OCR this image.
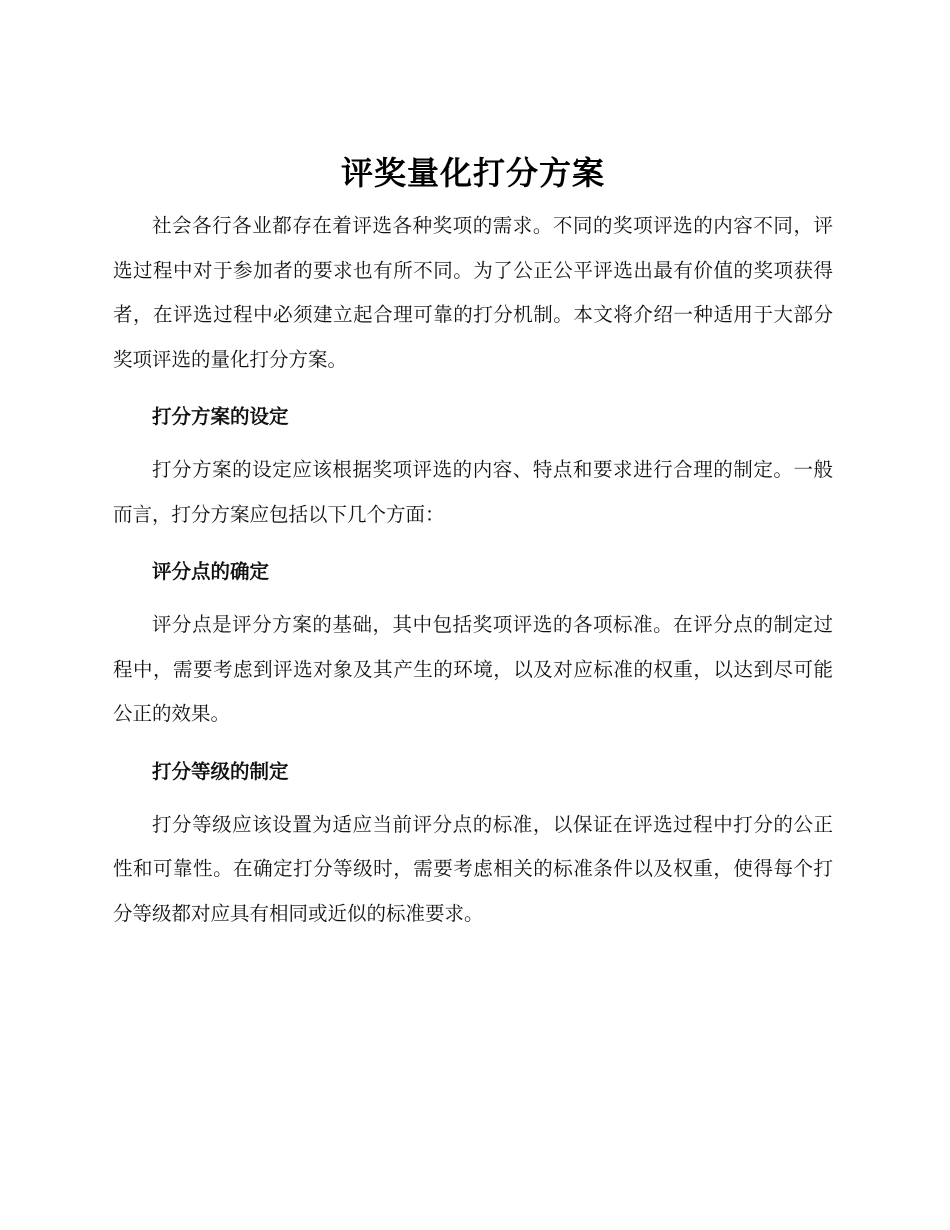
评奖量化打分方案

社会各行各业都存在着评选各种奖项的需求。不同的奖项评选的内容不同，评选过程中对于参加者的要求也有所不同。为了公正公平评选出最有价值的奖项获得者，在评选过程中必须建立起合理可靠的打分机制。本文将介绍一种适用于大部分奖项评选的量化打分方案。

打分方案的设定

打分方案的设定应该根据奖项评选的内容、特点和要求进行合理的制定。一般而言，打分方案应包括以下几个方面：

评分点的确定

评分点是评分方案的基础，其中包括奖项评选的各项标准。在评分点的制定过程中，需要考虑到评选对象及其产生的环境，以及对应标准的权重，以达到尽可能公正的效果。

打分等级的制定

打分等级应该设置为适应当前评分点的标准，以保证在评选过程中打分的公正性和可靠性。在确定打分等级时，需要考虑相关的标准条件以及权重，使得每个打分等级都对应具有相同或近似的标准要求。
